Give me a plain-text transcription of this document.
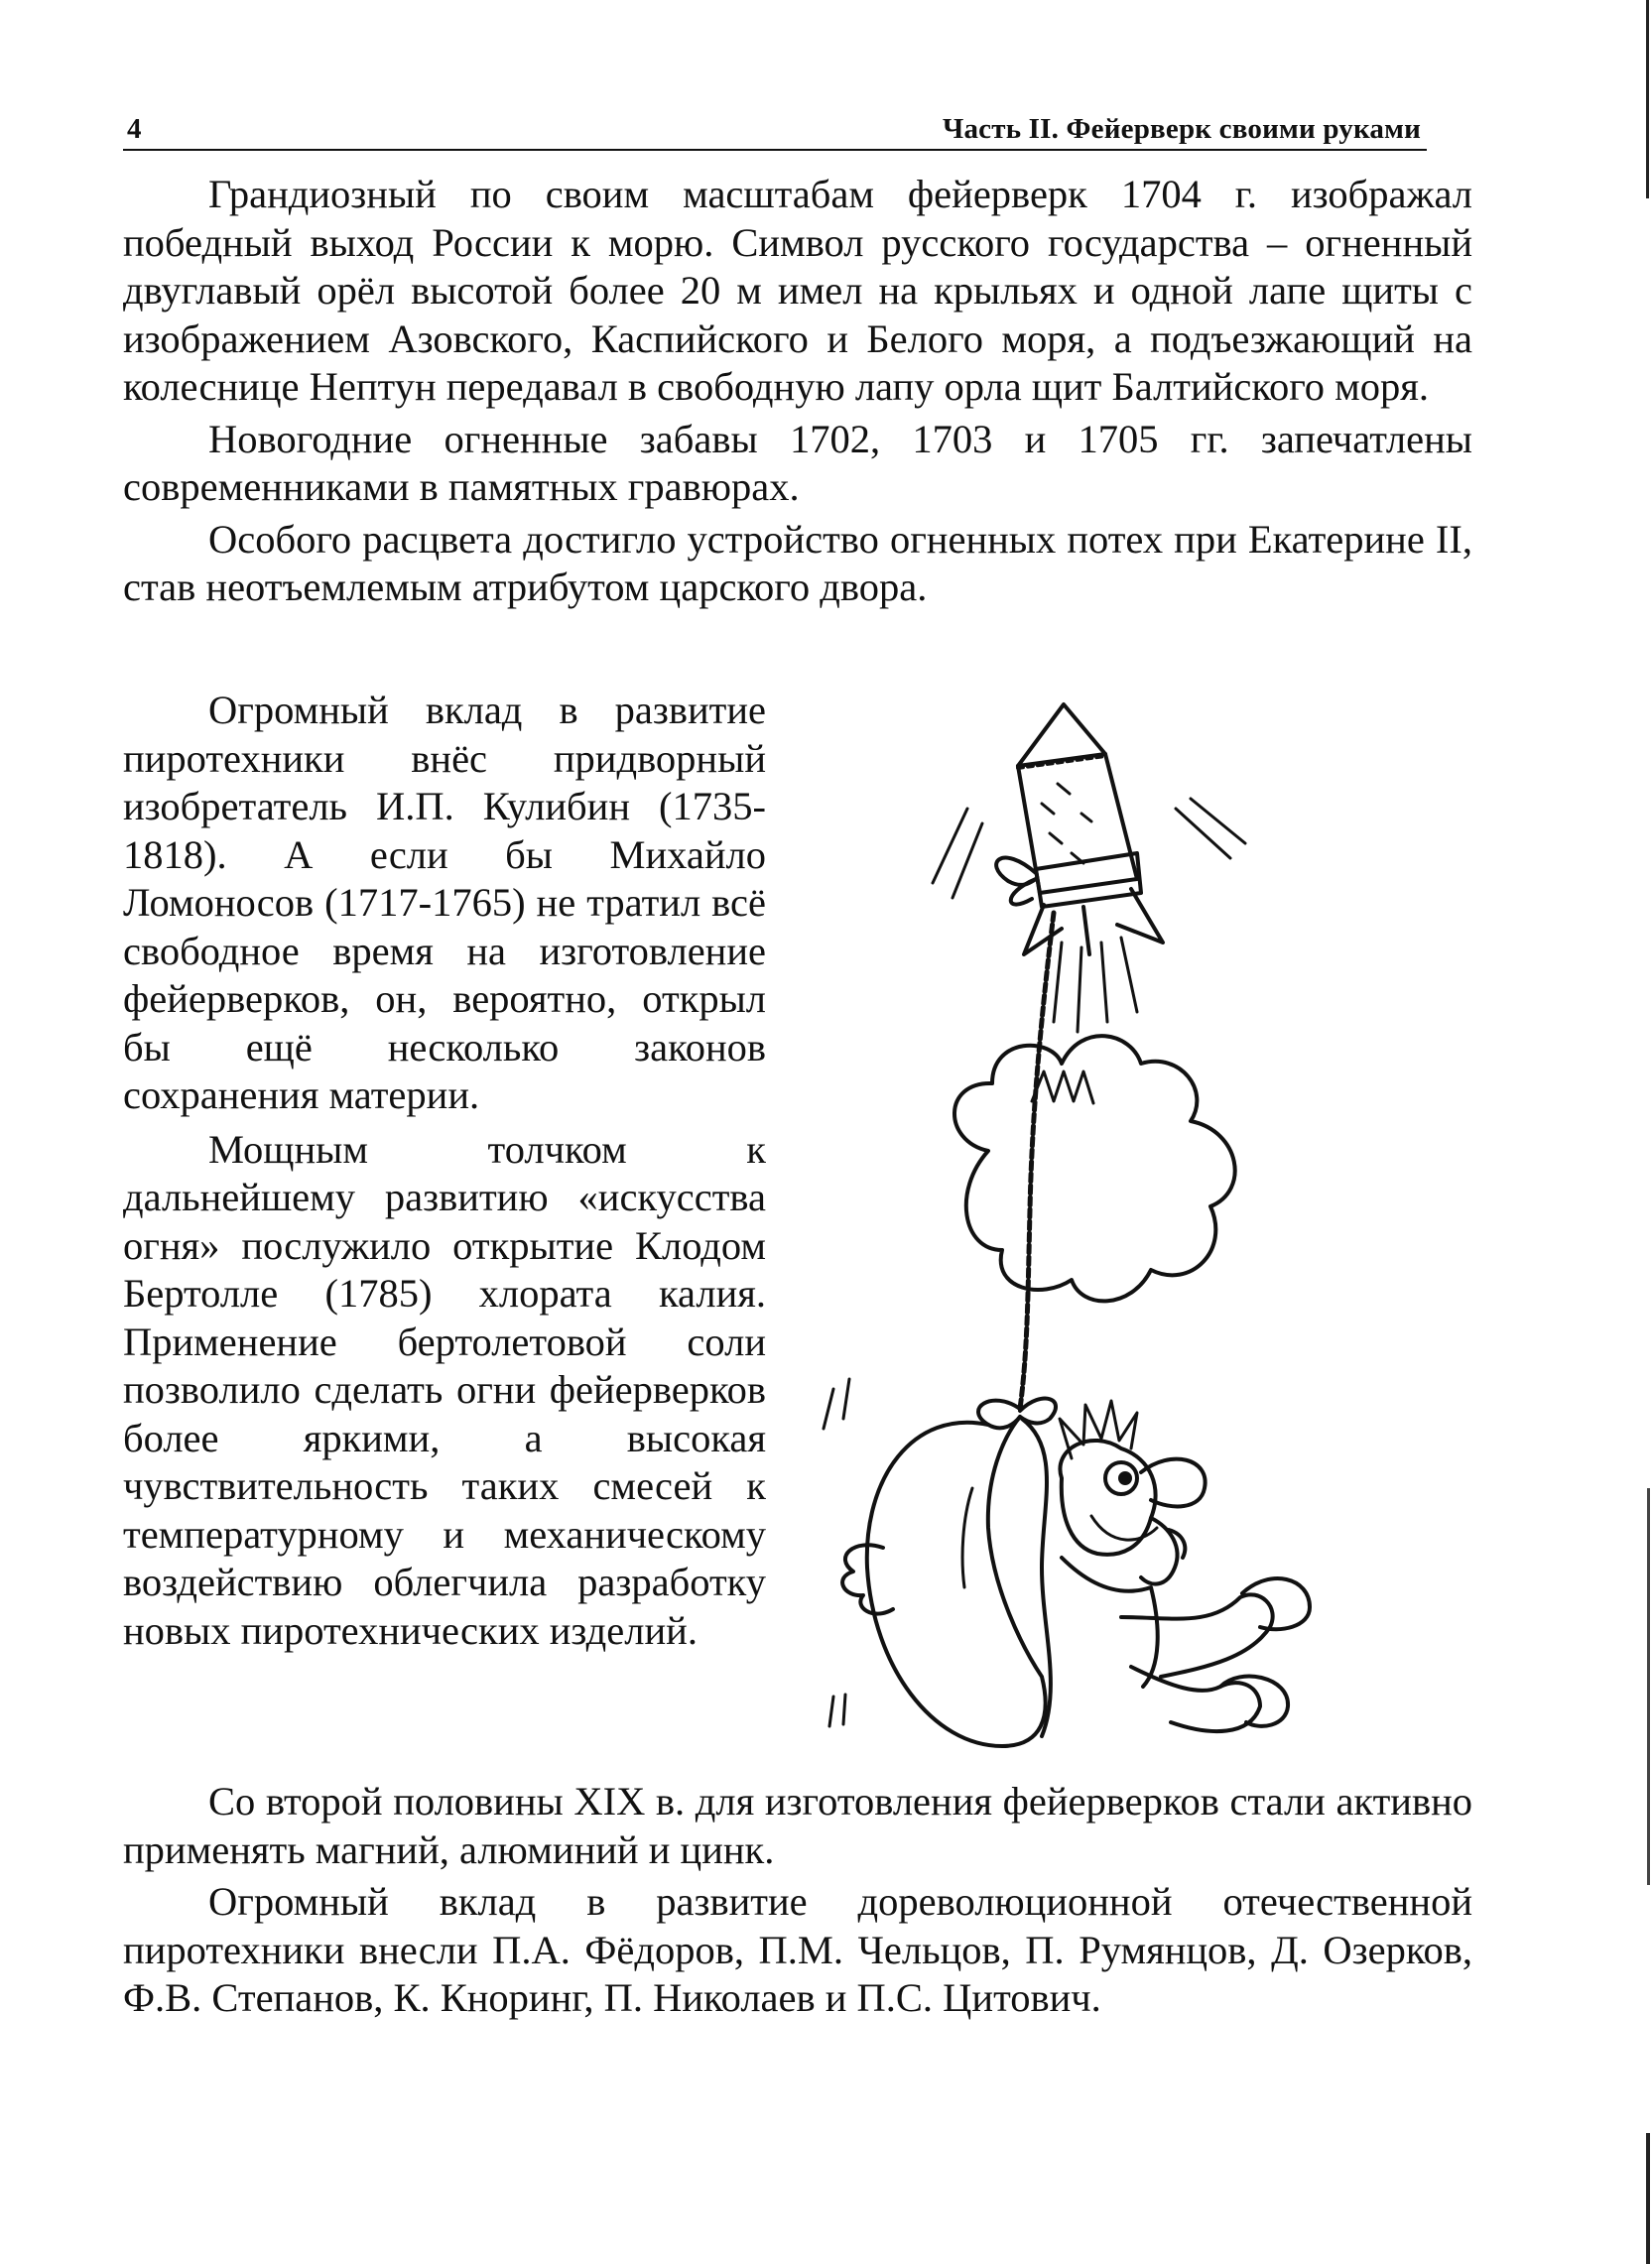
4	Часть II. Фейерверк своими руками

Грандиозный по своим масштабам фейерверк 1704 г. изображал победный выход России к морю. Символ русского государства – огненный двуглавый орёл высотой более 20 м имел на крыльях и одной лапе щиты с изображением Азовского, Каспийского и Белого моря, а подъезжающий на колеснице Нептун передавал в свободную лапу орла щит Балтийского моря.

Новогодние огненные забавы 1702, 1703 и 1705 гг. запечатлены современниками в памятных гравюрах.

Особого расцвета достигло устройство огненных потех при Екатерине II, став неотъемлемым атрибутом царского двора.

Огромный вклад в развитие пиротехники внёс придворный изобретатель И.П. Кулибин (1735-1818). А если бы Михайло Ломоносов (1717-1765) не тратил всё свободное время на изготовление фейерверков, он, вероятно, открыл бы ещё несколько законов сохранения материи.

Мощным толчком к дальнейшему развитию «искусства огня» послужило открытие Клодом Бертолле (1785) хлората калия. Применение бертолетовой соли позволило сделать огни фейерверков более яркими, а высокая чувствительность таких смесей к температурному и механическому воздействию облегчила разработку новых пиротехнических изделий.

Со второй половины XIX в. для изготовления фейерверков стали активно применять магний, алюминий и цинк.

Огромный вклад в развитие дореволюционной отечественной пиротехники внесли П.А. Фёдоров, П.М. Чельцов, П. Румянцов, Д. Озерков, Ф.В. Степанов, К. Кноринг, П. Николаев и П.С. Цитович.
